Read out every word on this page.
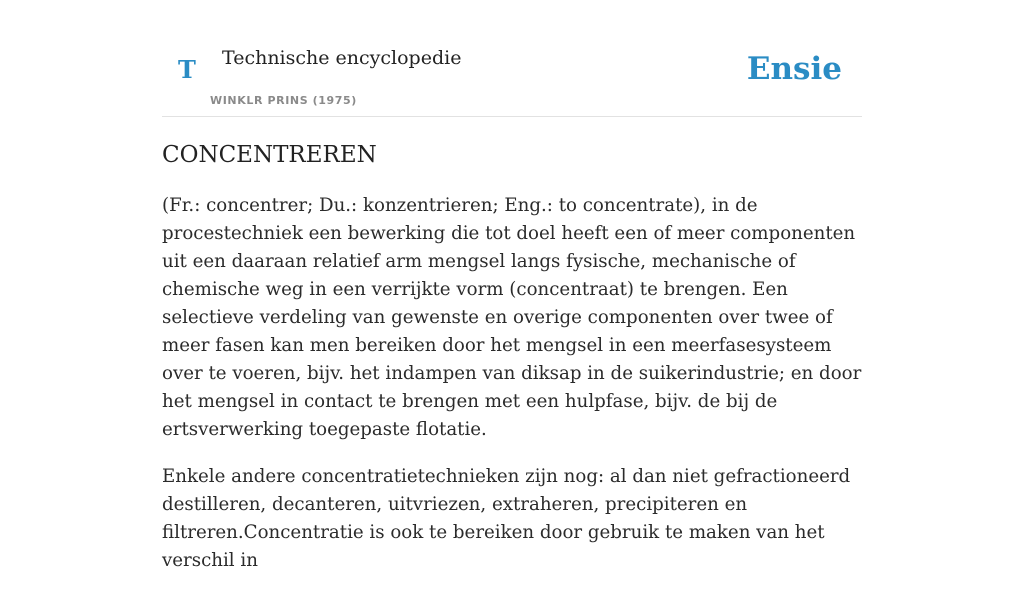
T Technische encyclopedie
WINKLR PRINS (1975)
Ensie
CONCENTREREN

(Fr.: concentrer; Du.: konzentrieren; Eng.: to concentrate), in de procestechniek een bewerking die tot doel heeft een of meer componenten uit een daaraan relatief arm mengsel langs fysische, mechanische of chemische weg in een verrijkte vorm (concentraat) te brengen. Een selectieve verdeling van gewenste en overige componenten over twee of meer fasen kan men bereiken door het mengsel in een meerfasesysteem over te voeren, bijv. het indampen van diksap in de suikerindustrie; en door het mengsel in contact te brengen met een hulpfase, bijv. de bij de ertsverwerking toegepaste flotatie.

Enkele andere concentratietechnieken zijn nog: al dan niet gefractioneerd destilleren, decanteren, uitvriezen, extraheren, precipiteren en filtreren.Concentratie is ook te bereiken door gebruik te maken van het verschil in
